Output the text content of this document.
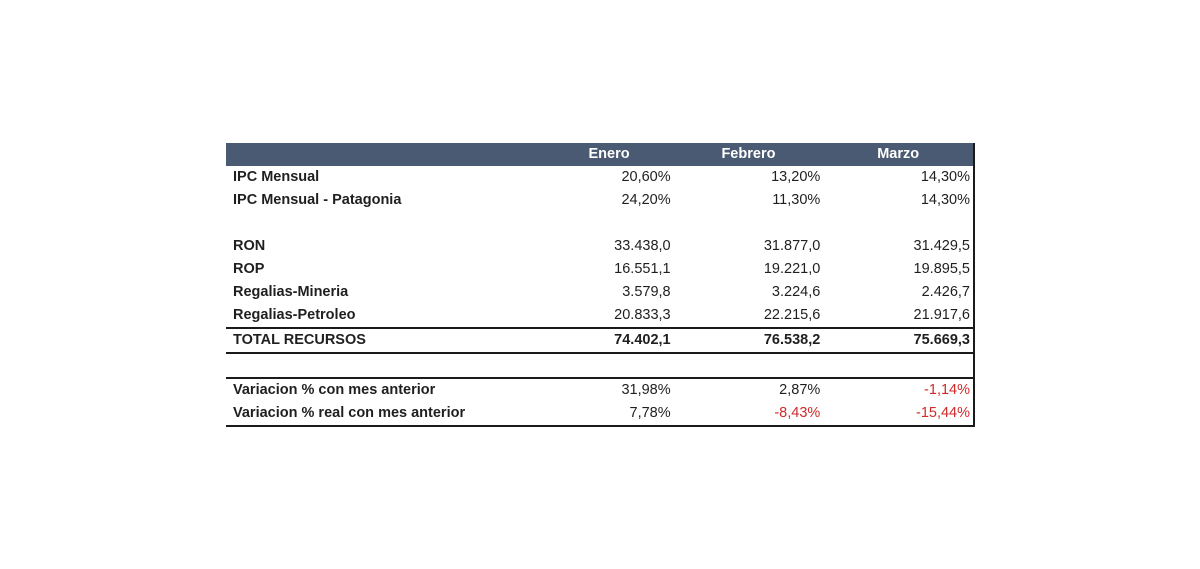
	Enero	Febrero	Marzo
IPC Mensual	20,60%	13,20%	14,30%
IPC Mensual - Patagonia	24,20%	11,30%	14,30%

RON	33.438,0	31.877,0	31.429,5
ROP	16.551,1	19.221,0	19.895,5
Regalias-Mineria	3.579,8	3.224,6	2.426,7
Regalias-Petroleo	20.833,3	22.215,6	21.917,6
TOTAL RECURSOS	74.402,1	76.538,2	75.669,3

Variacion % con mes anterior	31,98%	2,87%	-1,14%
Variacion % real con mes anterior	7,78%	-8,43%	-15,44%
